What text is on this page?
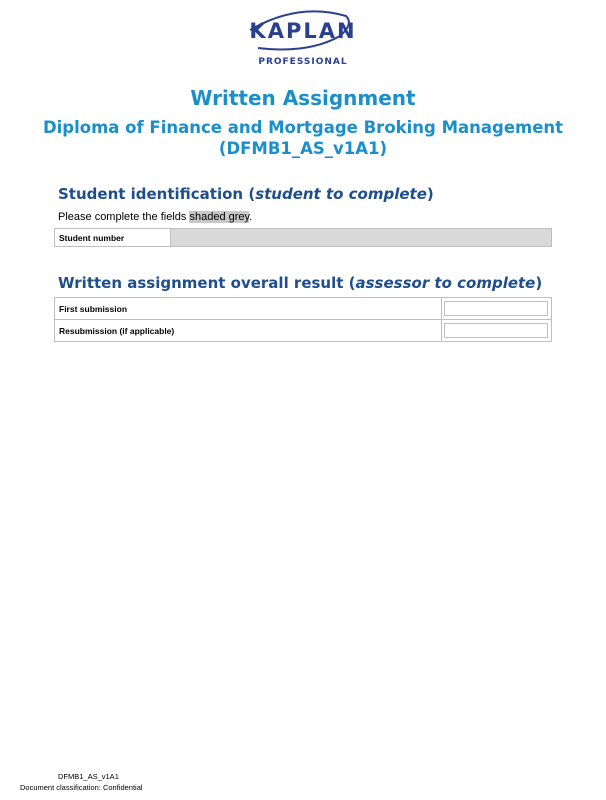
KAPLAN
PROFESSIONAL
Written Assignment
Diploma of Finance and Mortgage Broking Management
(DFMB1_AS_v1A1)
Student identification (student to complete)
Please complete the fields shaded grey.
Student number	
Written assignment overall result (assessor to complete)
First submission	

Resubmission (if applicable)	
DFMB1_AS_v1A1
Document classification: Confidential
